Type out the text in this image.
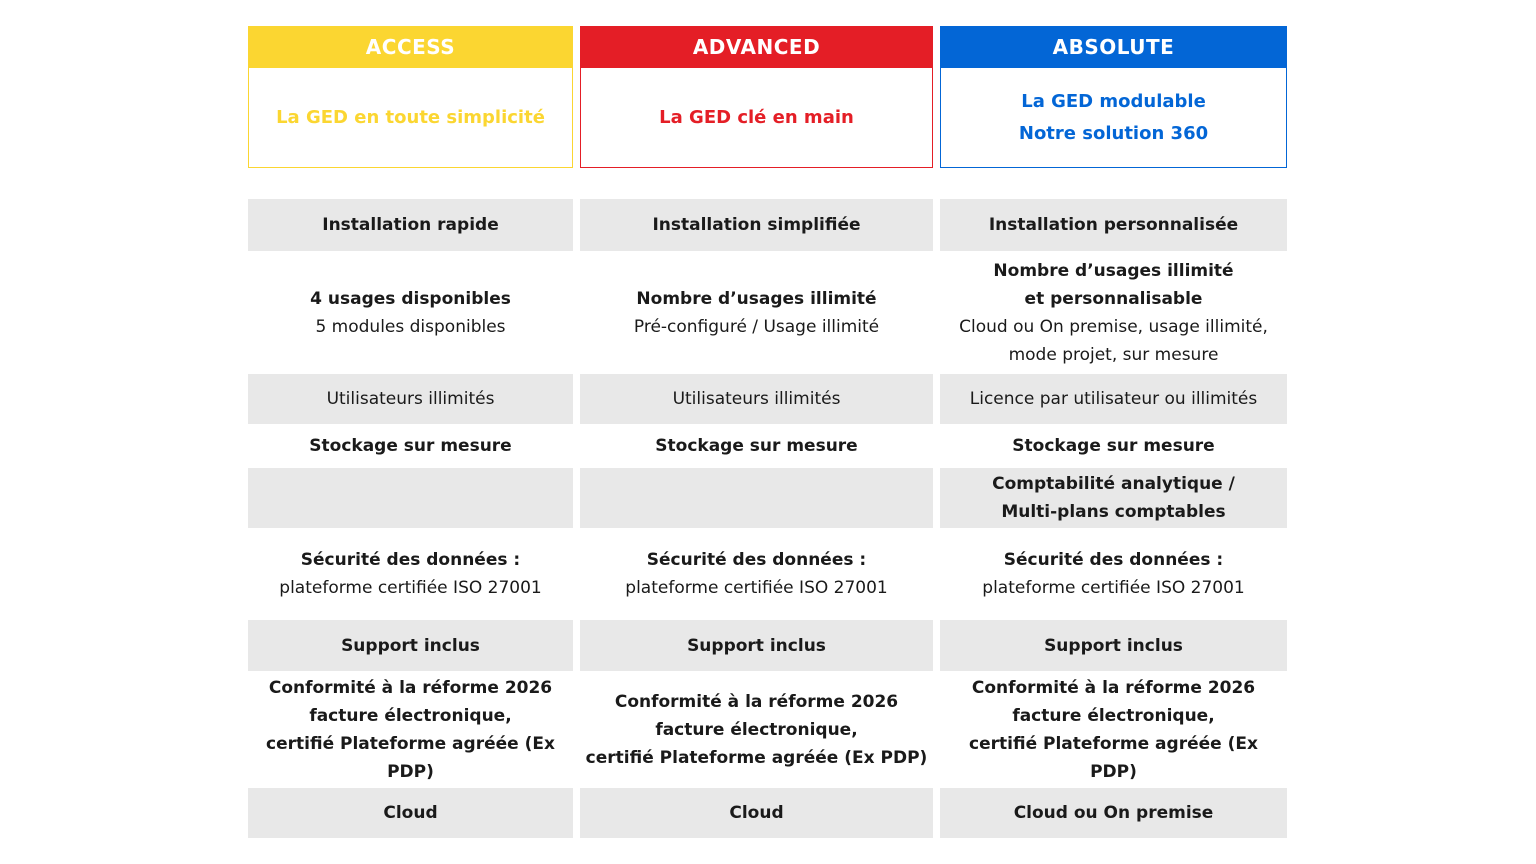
ACCESS
La GED en toute simplicité
Installation rapide
4 usages disponibles
5 modules disponibles
Utilisateurs illimités
Stockage sur mesure
Sécurité des données :
plateforme certifiée ISO 27001
Support inclus
Conformité à la réforme 2026
facture électronique,
certifié Plateforme agréée (Ex PDP)
Cloud
ADVANCED
La GED clé en main
Installation simplifiée
Nombre d’usages illimité
Pré-configuré / Usage illimité
Utilisateurs illimités
Stockage sur mesure
Sécurité des données :
plateforme certifiée ISO 27001
Support inclus
Conformité à la réforme 2026
facture électronique,
certifié Plateforme agréée (Ex PDP)
Cloud
ABSOLUTE
La GED modulable
Notre solution 360
Installation personnalisée
Nombre d’usages illimité
et personnalisable
Cloud ou On premise, usage illimité,
mode projet, sur mesure
Licence par utilisateur ou illimités
Stockage sur mesure
Comptabilité analytique /
Multi-plans comptables
Sécurité des données :
plateforme certifiée ISO 27001
Support inclus
Conformité à la réforme 2026
facture électronique,
certifié Plateforme agréée (Ex PDP)
Cloud ou On premise
